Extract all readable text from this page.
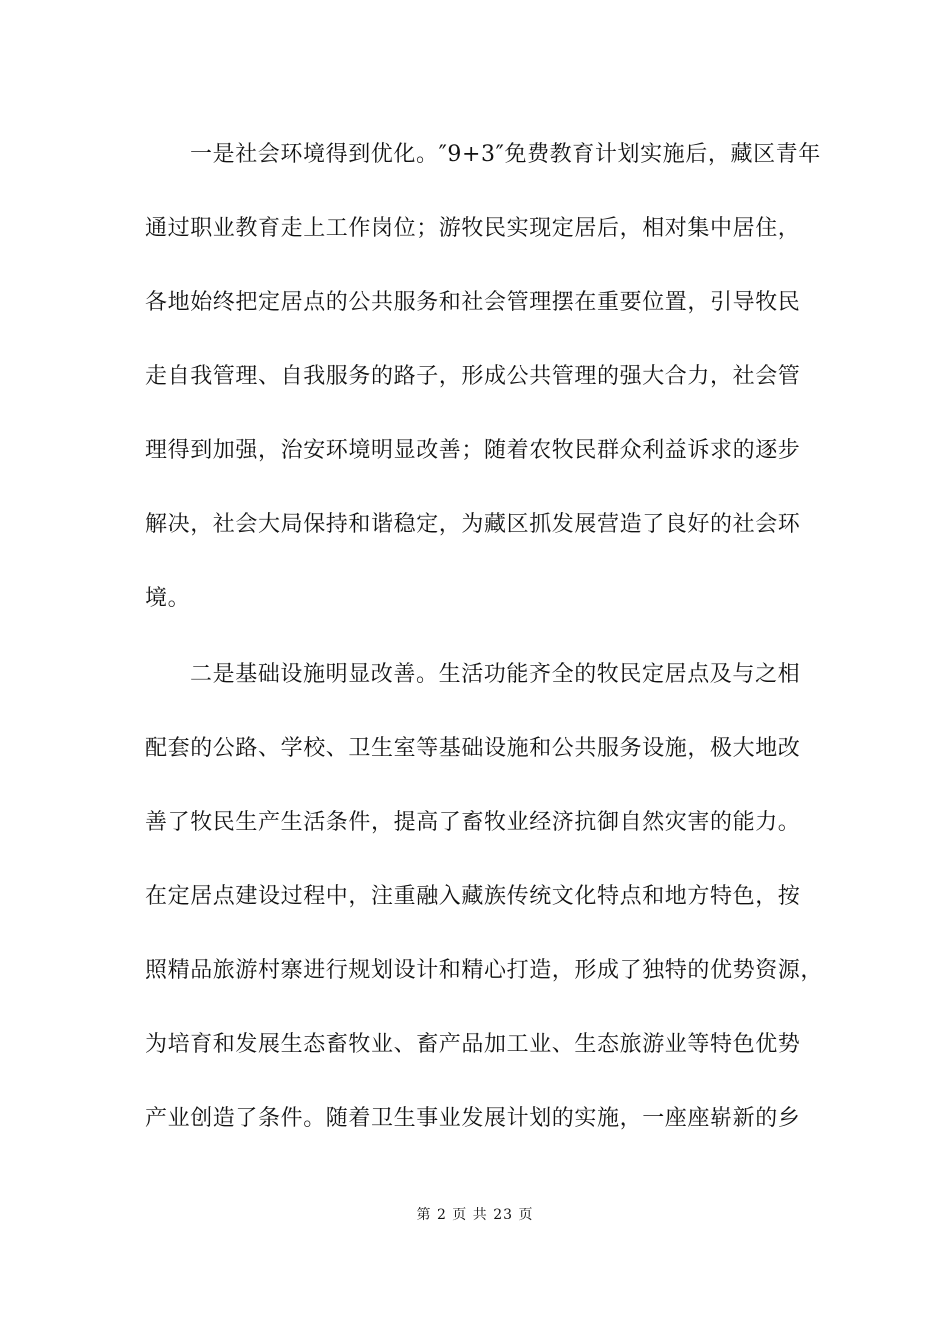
一是社会环境得到优化。″9+3″免费教育计划实施后，藏区青年
通过职业教育走上工作岗位；游牧民实现定居后，相对集中居住，
各地始终把定居点的公共服务和社会管理摆在重要位置，引导牧民
走自我管理、自我服务的路子，形成公共管理的强大合力，社会管
理得到加强，治安环境明显改善；随着农牧民群众利益诉求的逐步
解决，社会大局保持和谐稳定，为藏区抓发展营造了良好的社会环
境。
二是基础设施明显改善。生活功能齐全的牧民定居点及与之相
配套的公路、学校、卫生室等基础设施和公共服务设施，极大地改
善了牧民生产生活条件，提高了畜牧业经济抗御自然灾害的能力。
在定居点建设过程中，注重融入藏族传统文化特点和地方特色，按
照精品旅游村寨进行规划设计和精心打造，形成了独特的优势资源，
为培育和发展生态畜牧业、畜产品加工业、生态旅游业等特色优势
产业创造了条件。随着卫生事业发展计划的实施，一座座崭新的乡
第 2 页 共 23 页
